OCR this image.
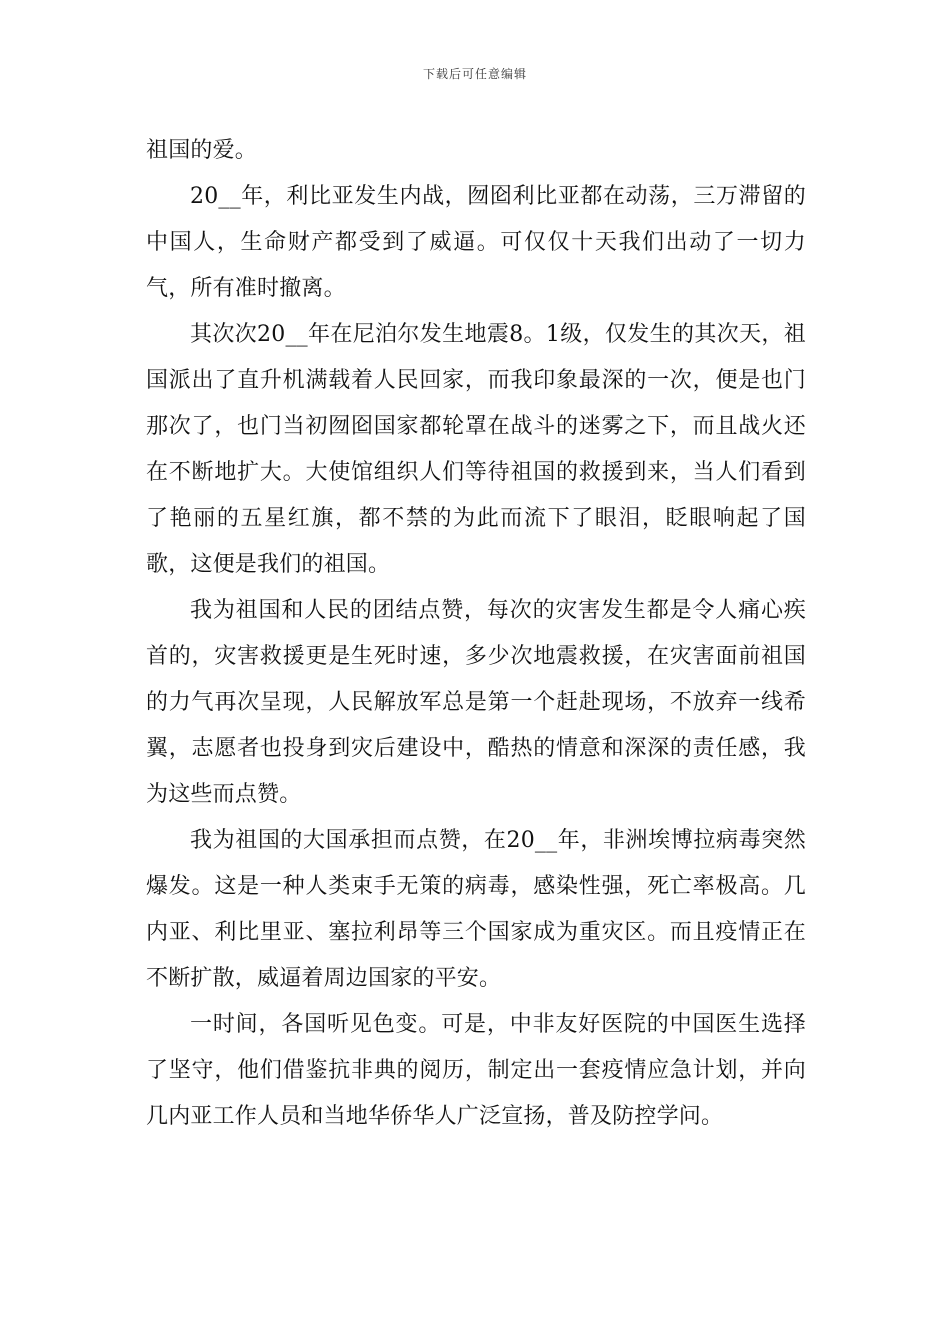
下载后可任意编辑

祖国的爱。

20__年，利比亚发生内战，囫囵利比亚都在动荡，三万滞留的中国人，生命财产都受到了威逼。可仅仅十天我们出动了一切力气，所有准时撤离。

其次次20__年在尼泊尔发生地震8。1级，仅发生的其次天，祖国派出了直升机满载着人民回家，而我印象最深的一次，便是也门那次了，也门当初囫囵国家都轮罩在战斗的迷雾之下，而且战火还在不断地扩大。大使馆组织人们等待祖国的救援到来，当人们看到了艳丽的五星红旗，都不禁的为此而流下了眼泪，眨眼响起了国歌，这便是我们的祖国。

我为祖国和人民的团结点赞，每次的灾害发生都是令人痛心疾首的，灾害救援更是生死时速，多少次地震救援，在灾害面前祖国的力气再次呈现，人民解放军总是第一个赶赴现场，不放弃一线希翼，志愿者也投身到灾后建设中，酷热的情意和深深的责任感，我为这些而点赞。

我为祖国的大国承担而点赞，在20__年，非洲埃博拉病毒突然爆发。这是一种人类束手无策的病毒，感染性强，死亡率极高。几内亚、利比里亚、塞拉利昂等三个国家成为重灾区。而且疫情正在不断扩散，威逼着周边国家的平安。

一时间，各国听见色变。可是，中非友好医院的中国医生选择了坚守，他们借鉴抗非典的阅历，制定出一套疫情应急计划，并向几内亚工作人员和当地华侨华人广泛宣扬，普及防控学问。
